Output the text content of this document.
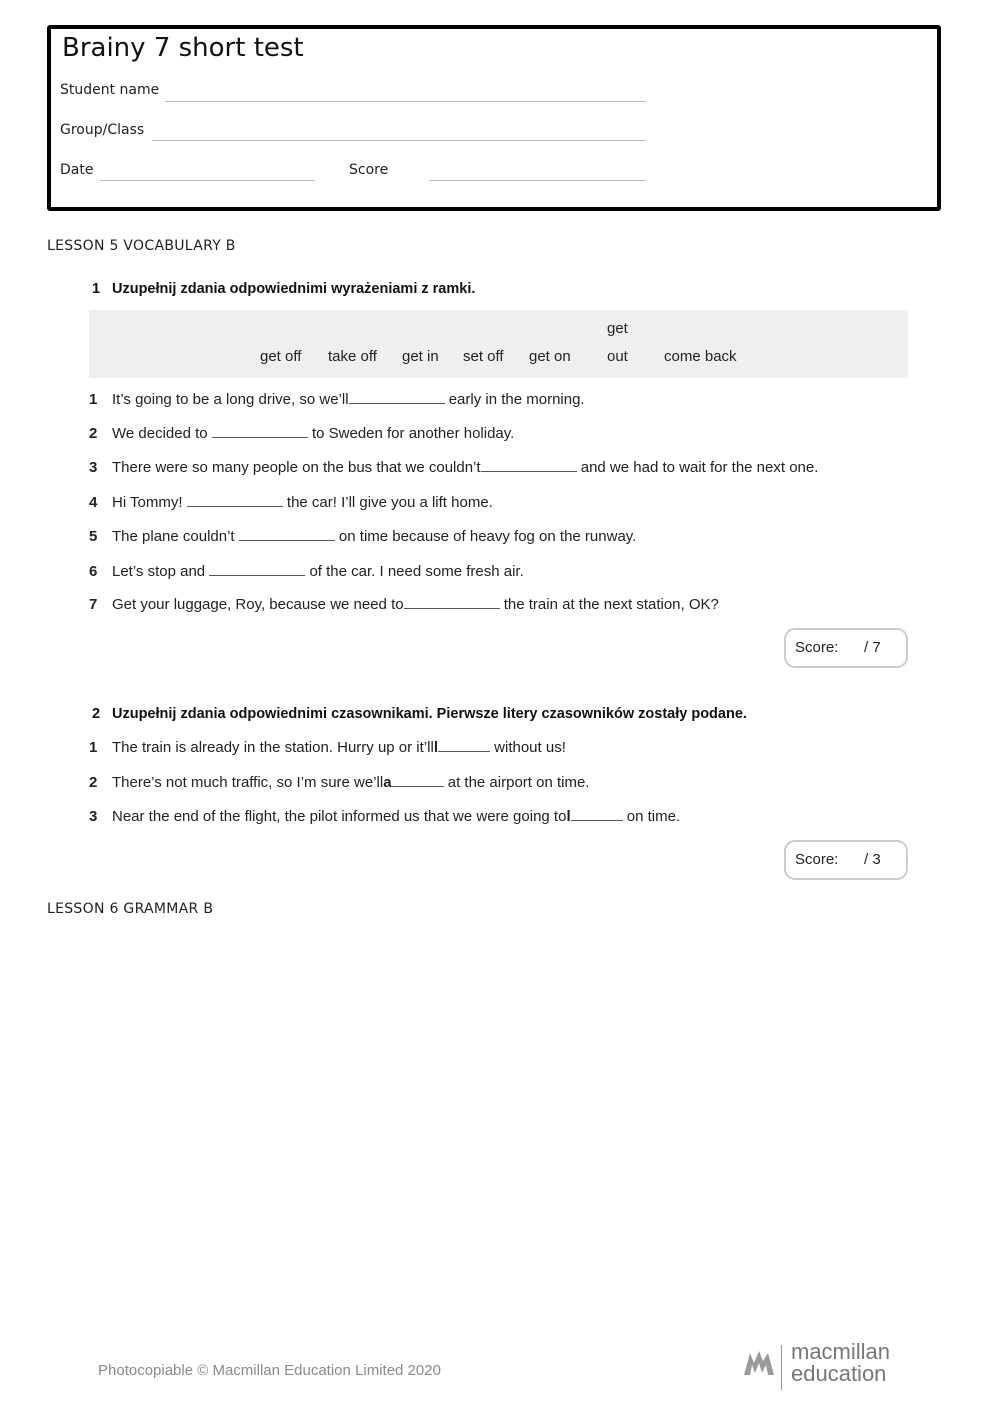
Brainy 7 short test
Student name
Group/Class
Date	Score
LESSON 5 VOCABULARY B
1 Uzupełnij zdania odpowiednimi wyrażeniami z ramki.
get off take off get in set off get on
get
out come back
1 It’s going to be a long drive, so we’ll	early in the morning.
2 We decided to	to Sweden for another holiday.
3 There were so many people on the bus that we couldn’t	and we had to wait for the next one.
4 Hi Tommy!	the car! I’ll give you a lift home.
5 The plane couldn’t	on time because of heavy fog on the runway.
6 Let’s stop and	of the car. I need some fresh air.
7 Get your luggage, Roy, because we need to	the train at the next station, OK?
Score: / 7
2 Uzupełnij zdania odpowiednimi czasownikami. Pierwsze litery czasowników zostały podane.
1 The train is already in the station. Hurry up or it’lll	without us!
2 There’s not much traffic, so I’m sure we’lla	at the airport on time.
3 Near the end of the flight, the pilot informed us that we were going tol	on time.
Score: / 3
LESSON 6 GRAMMAR B
Photocopiable © Macmillan Education Limited 2020
macmillan
education
